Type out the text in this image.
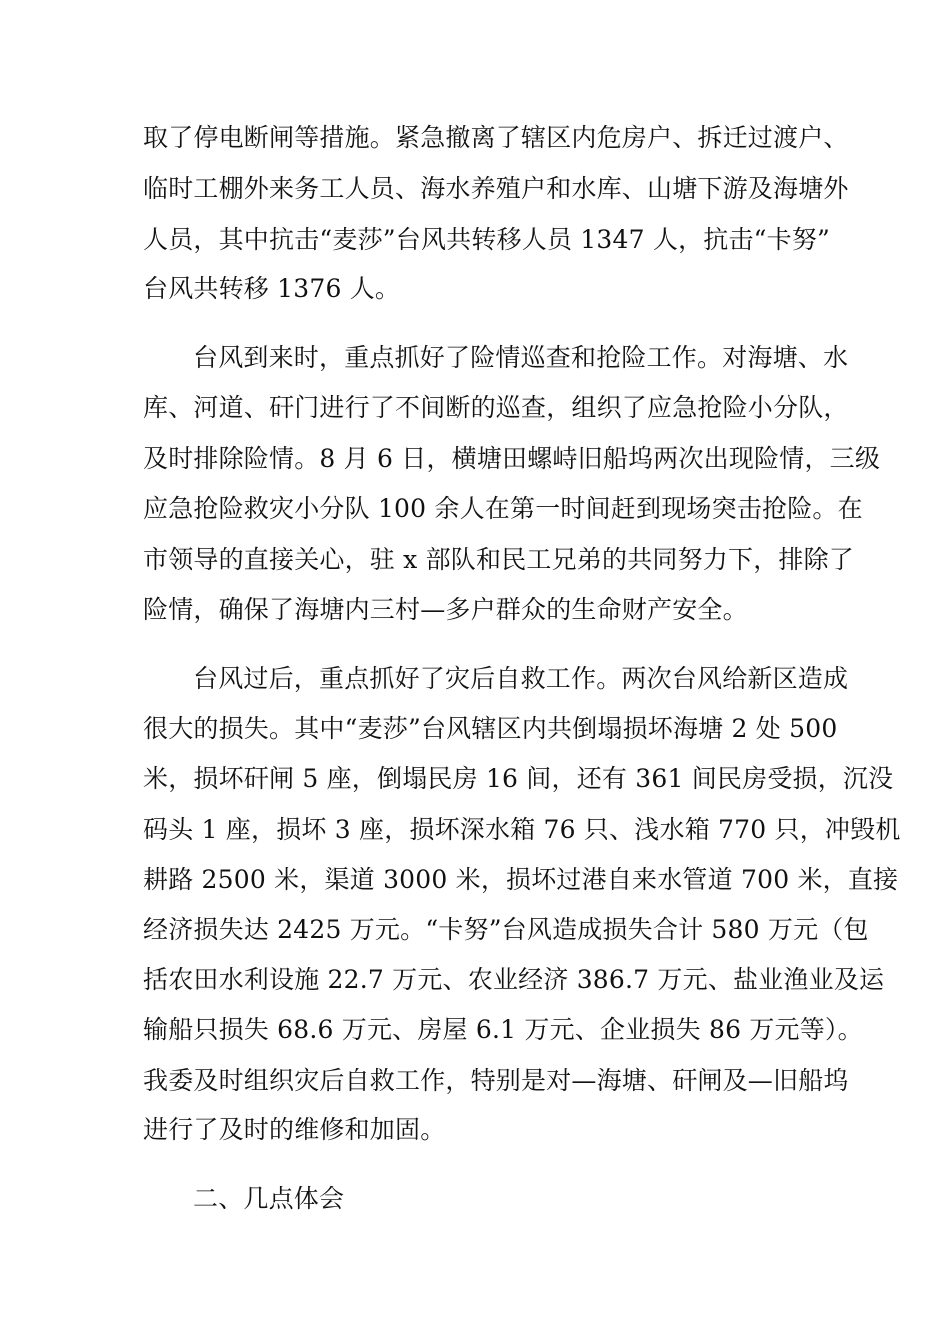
取了停电断闸等措施。紧急撤离了辖区内危房户、拆迁过渡户、
临时工棚外来务工人员、海水养殖户和水库、山塘下游及海塘外
人员，其中抗击“麦莎”台风共转移人员 1347 人，抗击“卡努”
台风共转移 1376 人。
台风到来时，重点抓好了险情巡查和抢险工作。对海塘、水
库、河道、矸门进行了不间断的巡查，组织了应急抢险小分队，
及时排除险情。8 月 6 日，横塘田螺峙旧船坞两次出现险情，三级
应急抢险救灾小分队 100 余人在第一时间赶到现场突击抢险。在
市领导的直接关心，驻 x 部队和民工兄弟的共同努力下，排除了
险情，确保了海塘内三村—多户群众的生命财产安全。
台风过后，重点抓好了灾后自救工作。两次台风给新区造成
很大的损失。其中“麦莎”台风辖区内共倒塌损坏海塘 2 处 500
米，损坏矸闸 5 座，倒塌民房 16 间，还有 361 间民房受损，沉没
码头 1 座，损坏 3 座，损坏深水箱 76 只、浅水箱 770 只，冲毁机
耕路 2500 米，渠道 3000 米，损坏过港自来水管道 700 米，直接
经济损失达 2425 万元。“卡努”台风造成损失合计 580 万元（包
括农田水利设施 22.7 万元、农业经济 386.7 万元、盐业渔业及运
输船只损失 68.6 万元、房屋 6.1 万元、企业损失 86 万元等）。
我委及时组织灾后自救工作，特别是对—海塘、矸闸及—旧船坞
进行了及时的维修和加固。
二、几点体会
